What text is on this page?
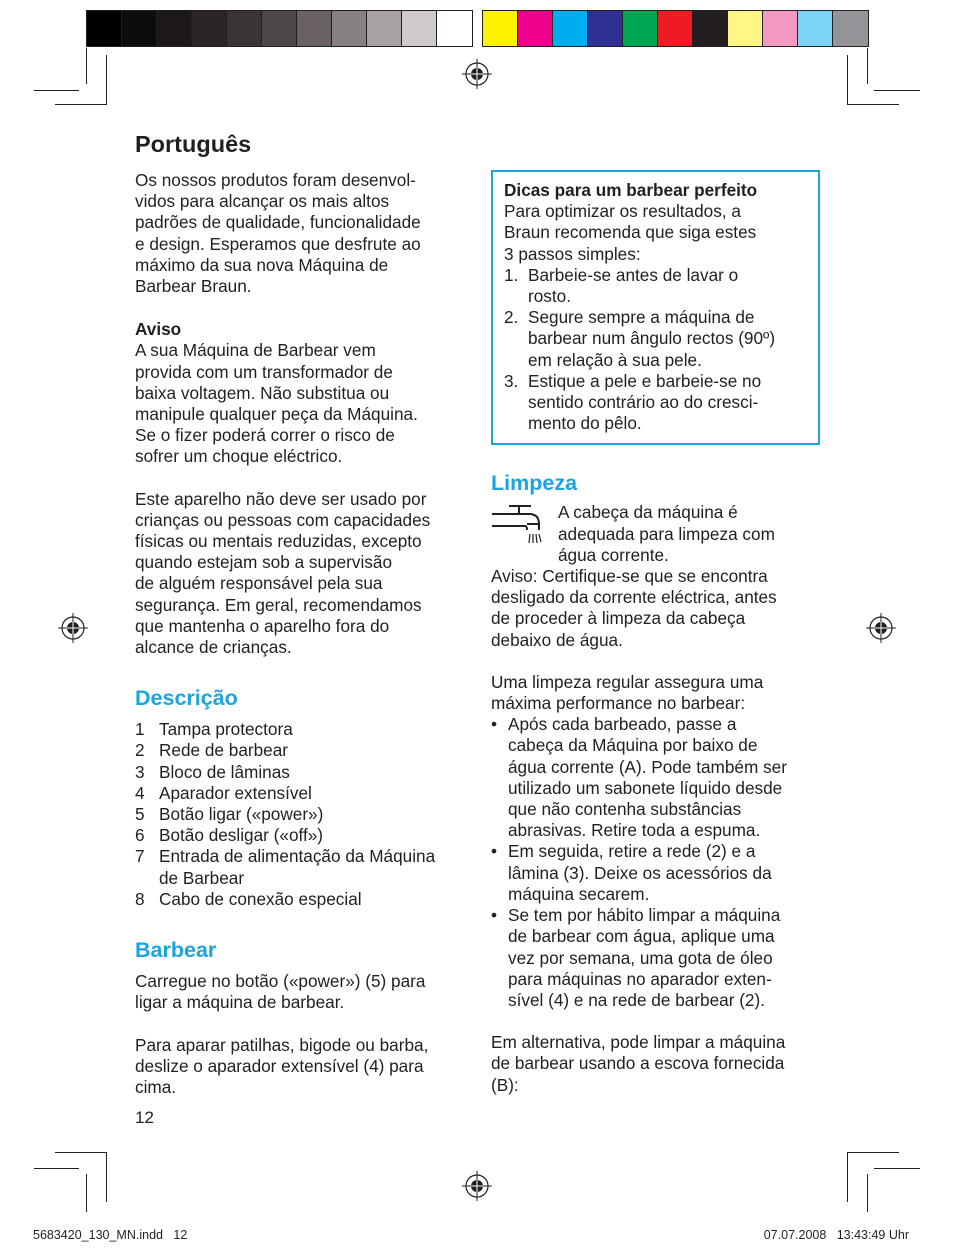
Português
Os nossos produtos foram desenvol-
vidos para alcançar os mais altos
padrões de qualidade, funcionalidade
e design. Esperamos que desfrute ao
máximo da sua nova Máquina de
Barbear Braun.
Aviso
A sua Máquina de Barbear vem
provida com um transformador de
baixa voltagem. Não substitua ou
manipule qualquer peça da Máquina.
Se o fizer poderá correr o risco de
sofrer um choque eléctrico.
Este aparelho não deve ser usado por
crianças ou pessoas com capacidades
físicas ou mentais reduzidas, excepto
quando estejam sob a supervisão
de alguém responsável pela sua
segurança. Em geral, recomendamos
que mantenha o aparelho fora do
alcance de crianças.
Descrição
1 Tampa protectora
2 Rede de barbear
3 Bloco de lâminas
4 Aparador extensível
5 Botão ligar («power»)
6 Botão desligar («off»)
7 Entrada de alimentação da Máquina
de Barbear
8 Cabo de conexão especial
Barbear
Carregue no botão («power») (5) para
ligar a máquina de barbear.
Para aparar patilhas, bigode ou barba,
deslize o aparador extensível (4) para
cima.
Dicas para um barbear perfeito
Para optimizar os resultados, a
Braun recomenda que siga estes
3 passos simples:
1. Barbeie-se antes de lavar o
rosto.
2. Segure sempre a máquina de
barbear num ângulo rectos (90º)
em relação à sua pele.
3. Estique a pele e barbeie-se no
sentido contrário ao do cresci-
mento do pêlo.
Limpeza
A cabeça da máquina é
adequada para limpeza com
água corrente.
Aviso: Certifique-se que se encontra
desligado da corrente eléctrica, antes
de proceder à limpeza da cabeça
debaixo de água.
Uma limpeza regular assegura uma
máxima performance no barbear:
• Após cada barbeado, passe a
cabeça da Máquina por baixo de
água corrente (A). Pode também ser
utilizado um sabonete líquido desde
que não contenha substâncias
abrasivas. Retire toda a espuma.
• Em seguida, retire a rede (2) e a
lâmina (3). Deixe os acessórios da
máquina secarem.
• Se tem por hábito limpar a máquina
de barbear com água, aplique uma
vez por semana, uma gota de óleo
para máquinas no aparador exten-
sível (4) e na rede de barbear (2).
Em alternativa, pode limpar a máquina
de barbear usando a escova fornecida
(B):
12
5683420_130_MN.indd   12	07.07.2008   13:43:49 Uhr
